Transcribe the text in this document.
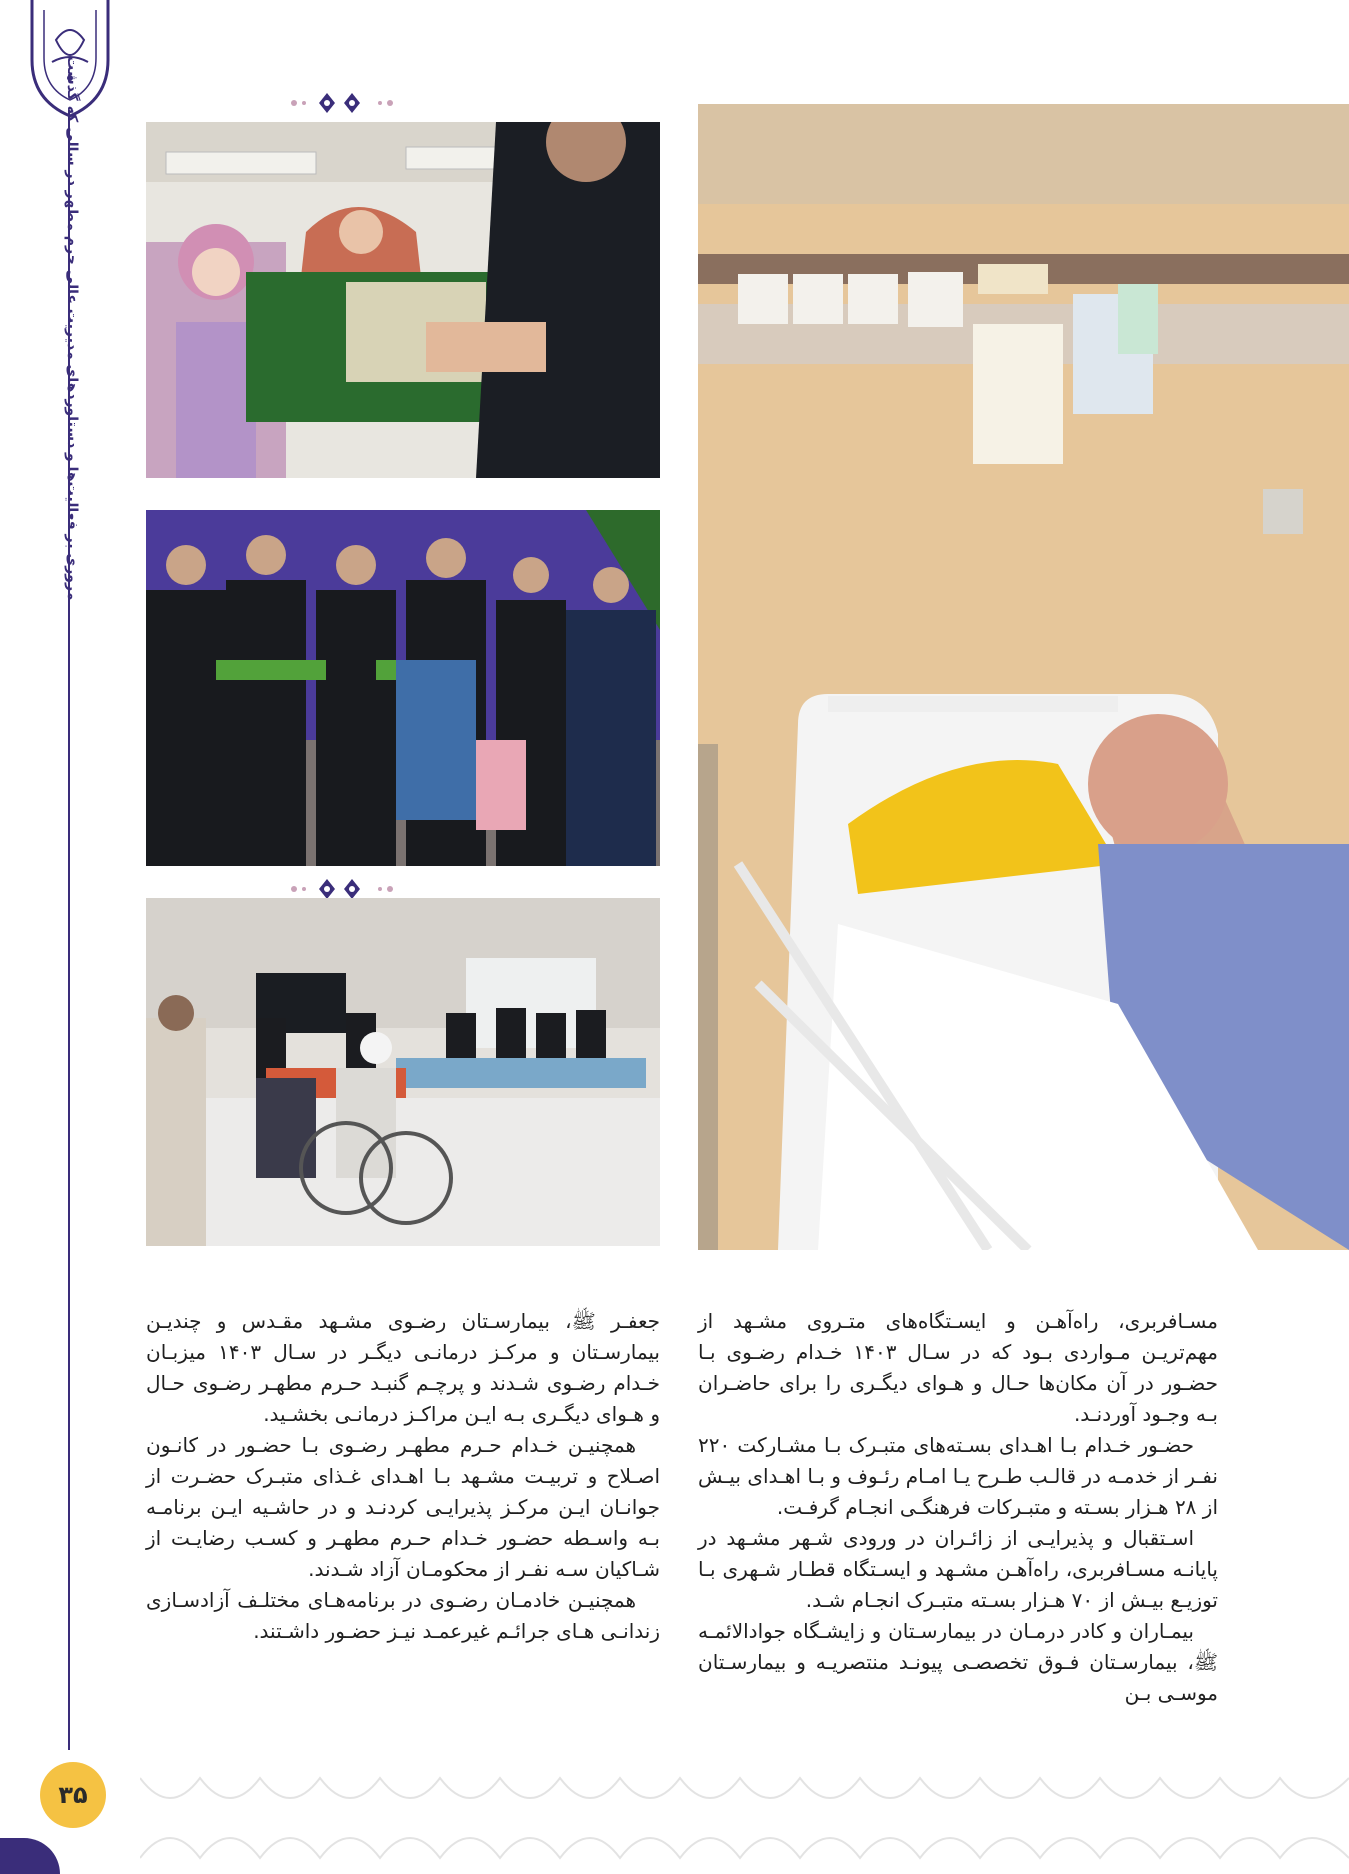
مروری بر فعالیت‌ها و دستاوردهای مدیریت عالی حرم مطهر در سالی که گذشت
۳۵

مسـافربری، راه‌آهـن و ایسـتگاه‌های متـروی مشـهد از مهم‌تریـن مـواردی بـود که در سـال ۱۴۰۳ خـدام رضـوی بـا حضـور در آن مکان‌ها حـال و هـوای دیگـری را برای حاضـران بـه وجـود آوردنـد.

حضـور خـدام بـا اهـدای بسـته‌های متبـرک بـا مشـارکت ۲۲۰ نفـر از خدمـه در قالـب طـرح یـا امـام رئـوف و بـا اهـدای بیـش از ۲۸ هـزار بسـته و متبـرکات فرهنگـی انجـام گرفـت.

اسـتقبال و پذیرایـی از زائـران در ورودی شـهر مشـهد در پایانـه مسـافربری، راه‌آهـن مشـهد و ایسـتگاه قطـار شـهری بـا توزیـع بیـش از ۷۰ هـزار بسـته متبـرک انجـام شـد.

بیمـاران و کادر درمـان در بیمارسـتان و زایشـگاه جوادالائمـه ﷺ، بیمارسـتان فـوق تخصصـی پیونـد منتصریـه و بیمارسـتان موسـی بـن

جعفـر ﷺ، بیمارسـتان رضـوی مشـهد مقـدس و چندیـن بیمارسـتان و مرکـز درمانـی دیگـر در سـال ۱۴۰۳ میزبـان خـدام رضـوی شـدند و پرچـم گنبـد حـرم مطهـر رضـوی حـال و هـوای دیگـری بـه ایـن مراکـز درمانـی بخشـید.

همچنیـن خـدام حـرم مطهـر رضـوی بـا حضـور در کانـون اصـلاح و تربیـت مشـهد بـا اهـدای غـذای متبـرک حضـرت از جوانـان ایـن مرکـز پذیرایـی کردنـد و در حاشـیه ایـن برنامـه بـه واسـطه حضـور خـدام حـرم مطهـر و کسـب رضایـت از شـاکیان سـه نفـر از محکومـان آزاد شـدند.

همچنیـن خادمـان رضـوی در برنامه‌هـای مختلـف آزادسـازی زندانـی هـای جرائـم غیرعمـد نیـز حضـور داشـتند.
